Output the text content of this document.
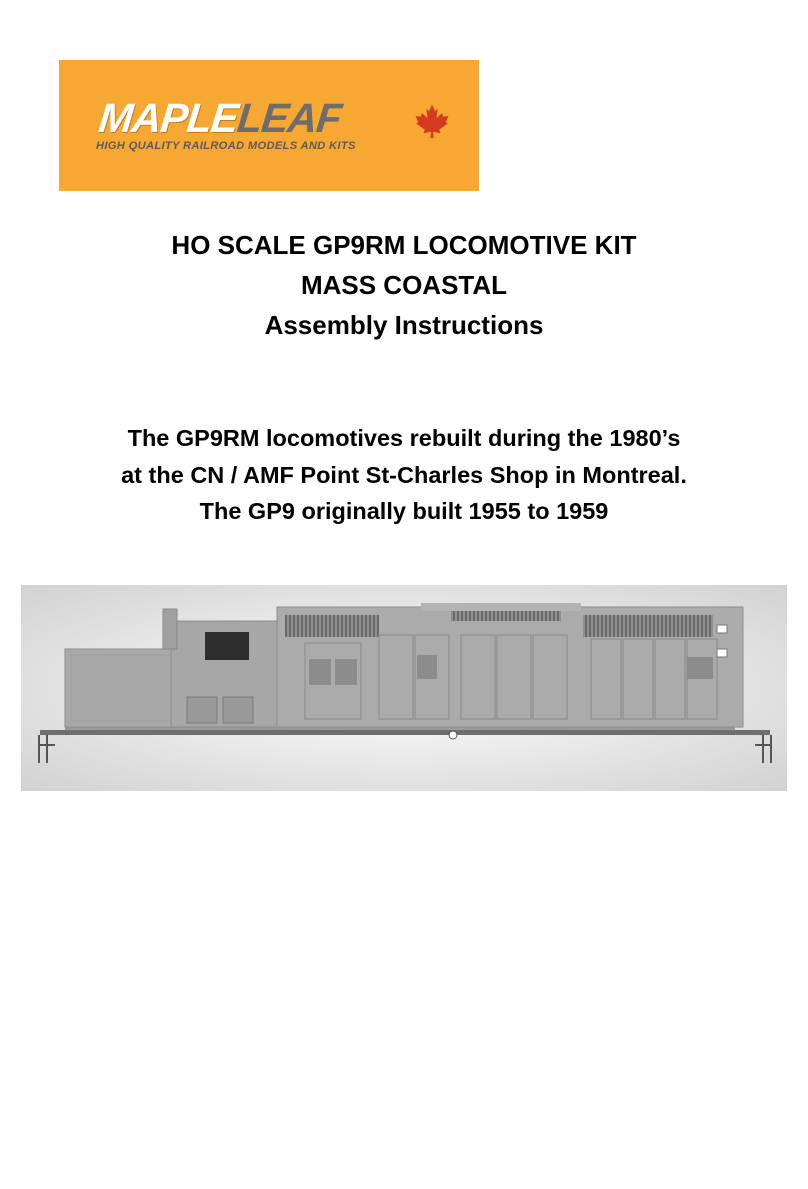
MAPLELEAF

HIGH QUALITY RAILROAD MODELS AND KITS

HO SCALE GP9RM LOCOMOTIVE KIT
MASS COASTAL
Assembly Instructions

The GP9RM locomotives rebuilt during the 1980’s

at the CN / AMF Point St-Charles Shop in Montreal.

The GP9 originally built 1955 to 1959
